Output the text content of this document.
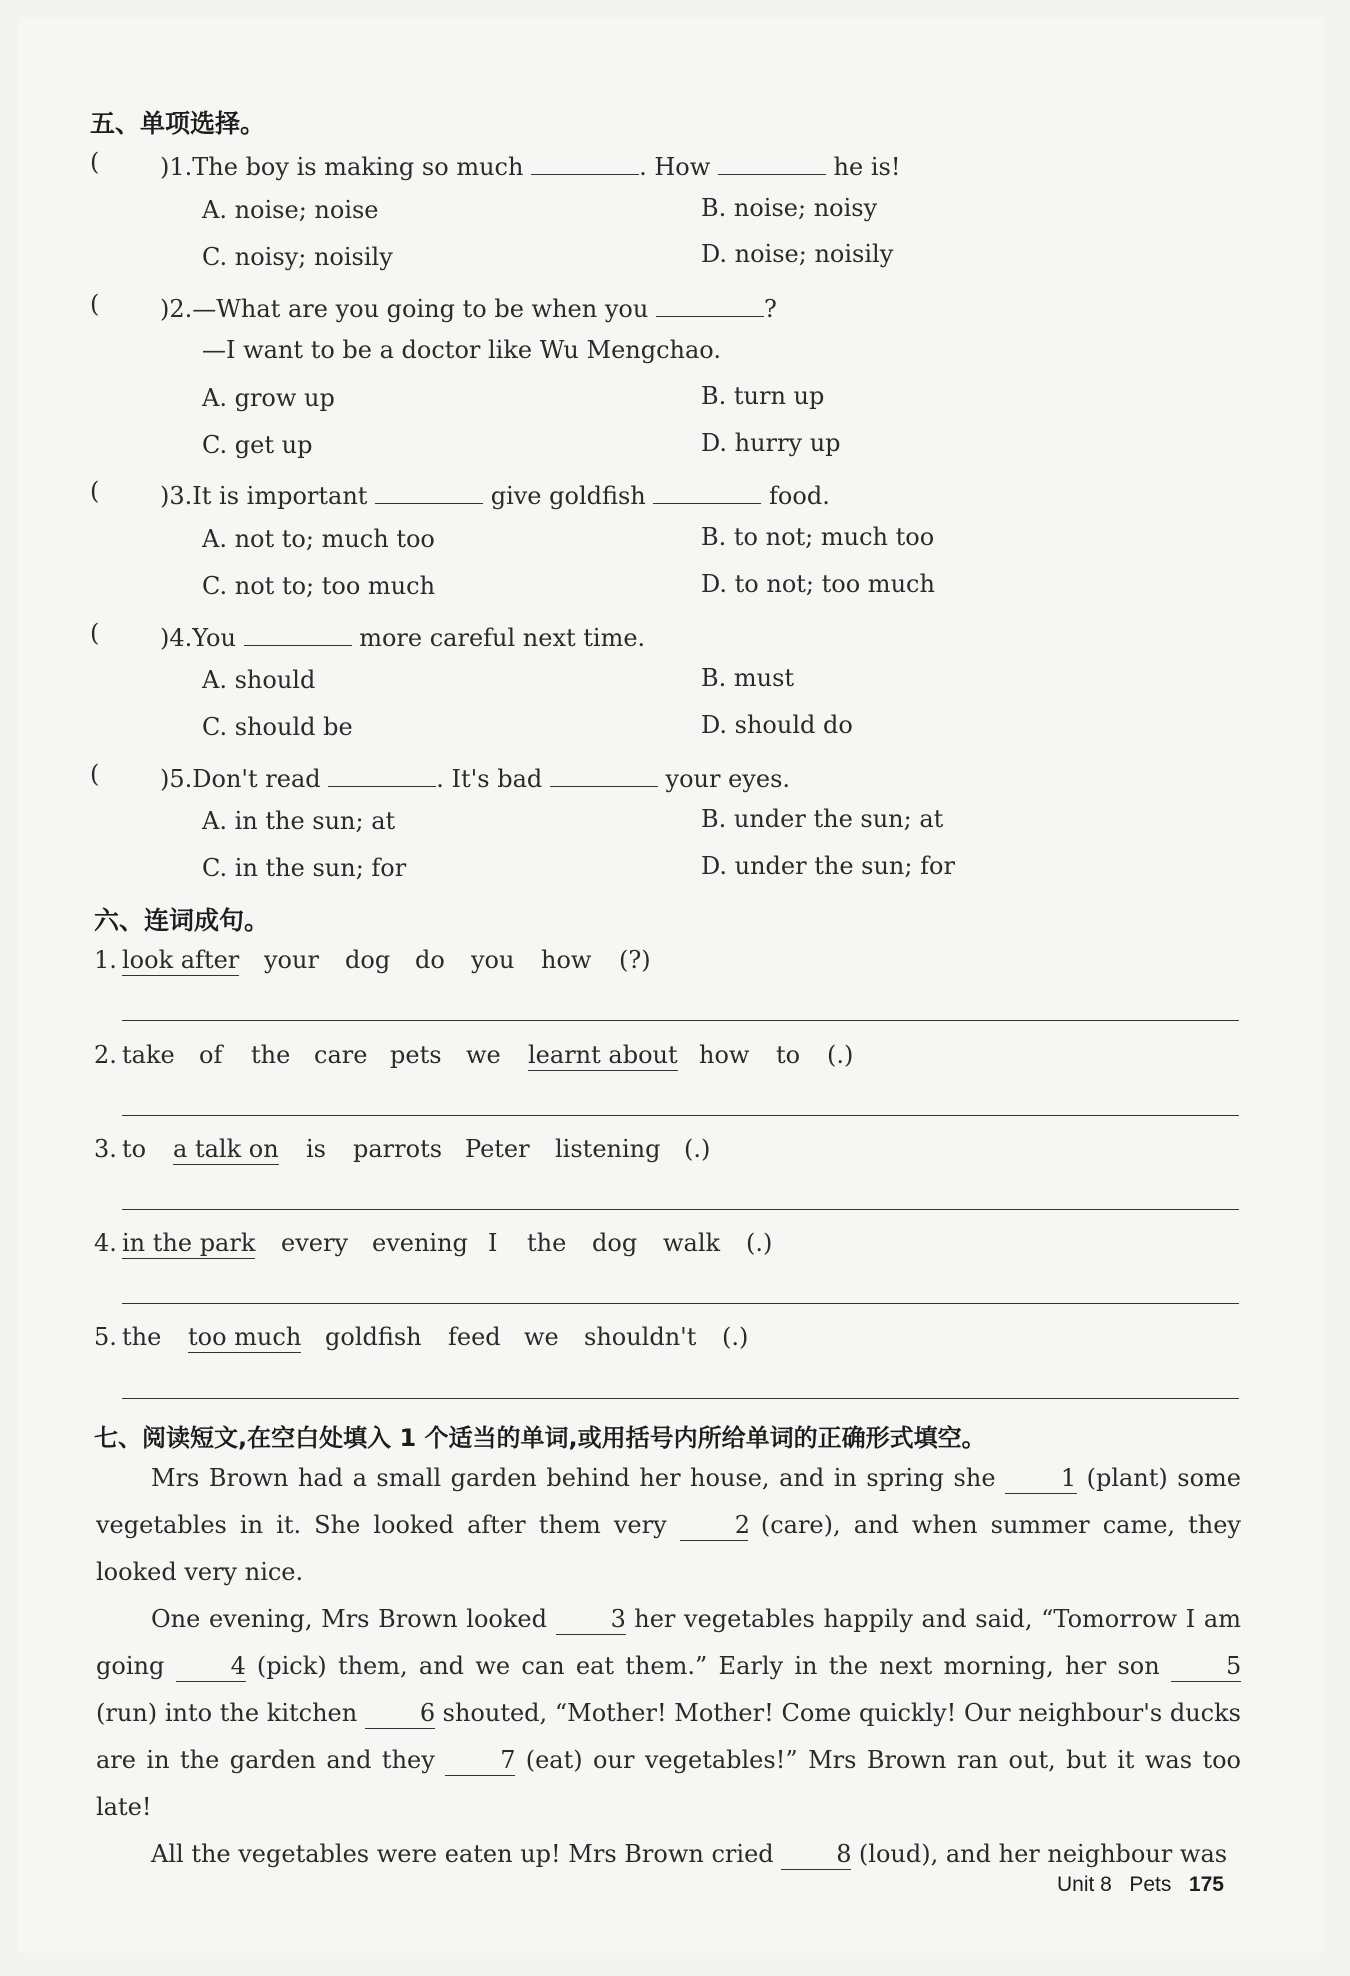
五、单项选择。
(	)1.The boy is making so much	. How	he is!
A. noise; noise	B. noise; noisy
C. noisy; noisily	D. noise; noisily
(	)2.—What are you going to be when you	?
—I want to be a doctor like Wu Mengchao.
A. grow up	B. turn up
C. get up	D. hurry up
(	)3.It is important	give goldfish	food.
A. not to; much too	B. to not; much too
C. not to; too much	D. to not; too much
(	)4.You	more careful next time.
A. should	B. must
C. should be	D. should do
(	)5.Don't read	. It's bad	your eyes.
A. in the sun; at	B. under the sun; at
C. in the sun; for	D. under the sun; for
六、连词成句。
1. look after your dog do you how (?)
2. take of the care pets we learnt about how to (.)
3. to a talk on is parrots Peter listening (.)
4. in the park every evening I the dog walk (.)
5. the too much goldfish feed we shouldn't (.)
七、阅读短文,在空白处填入 1 个适当的单词,或用括号内所给单词的正确形式填空。

Mrs Brown had a small garden behind her house, and in spring she	1 (plant) some vegetables in it. She looked after them very	2 (care), and when summer came, they looked very nice.

One evening, Mrs Brown looked	3 her vegetables happily and said, “Tomorrow I am going	4 (pick) them, and we can eat them.” Early in the next morning, her son	5 (run) into the kitchen	6 shouted, “Mother! Mother! Come quickly! Our neighbour's ducks are in the garden and they	7 (eat) our vegetables!” Mrs Brown ran out, but it was too late!

All the vegetables were eaten up! Mrs Brown cried	8 (loud), and her neighbour was

Unit 8 Pets 175
